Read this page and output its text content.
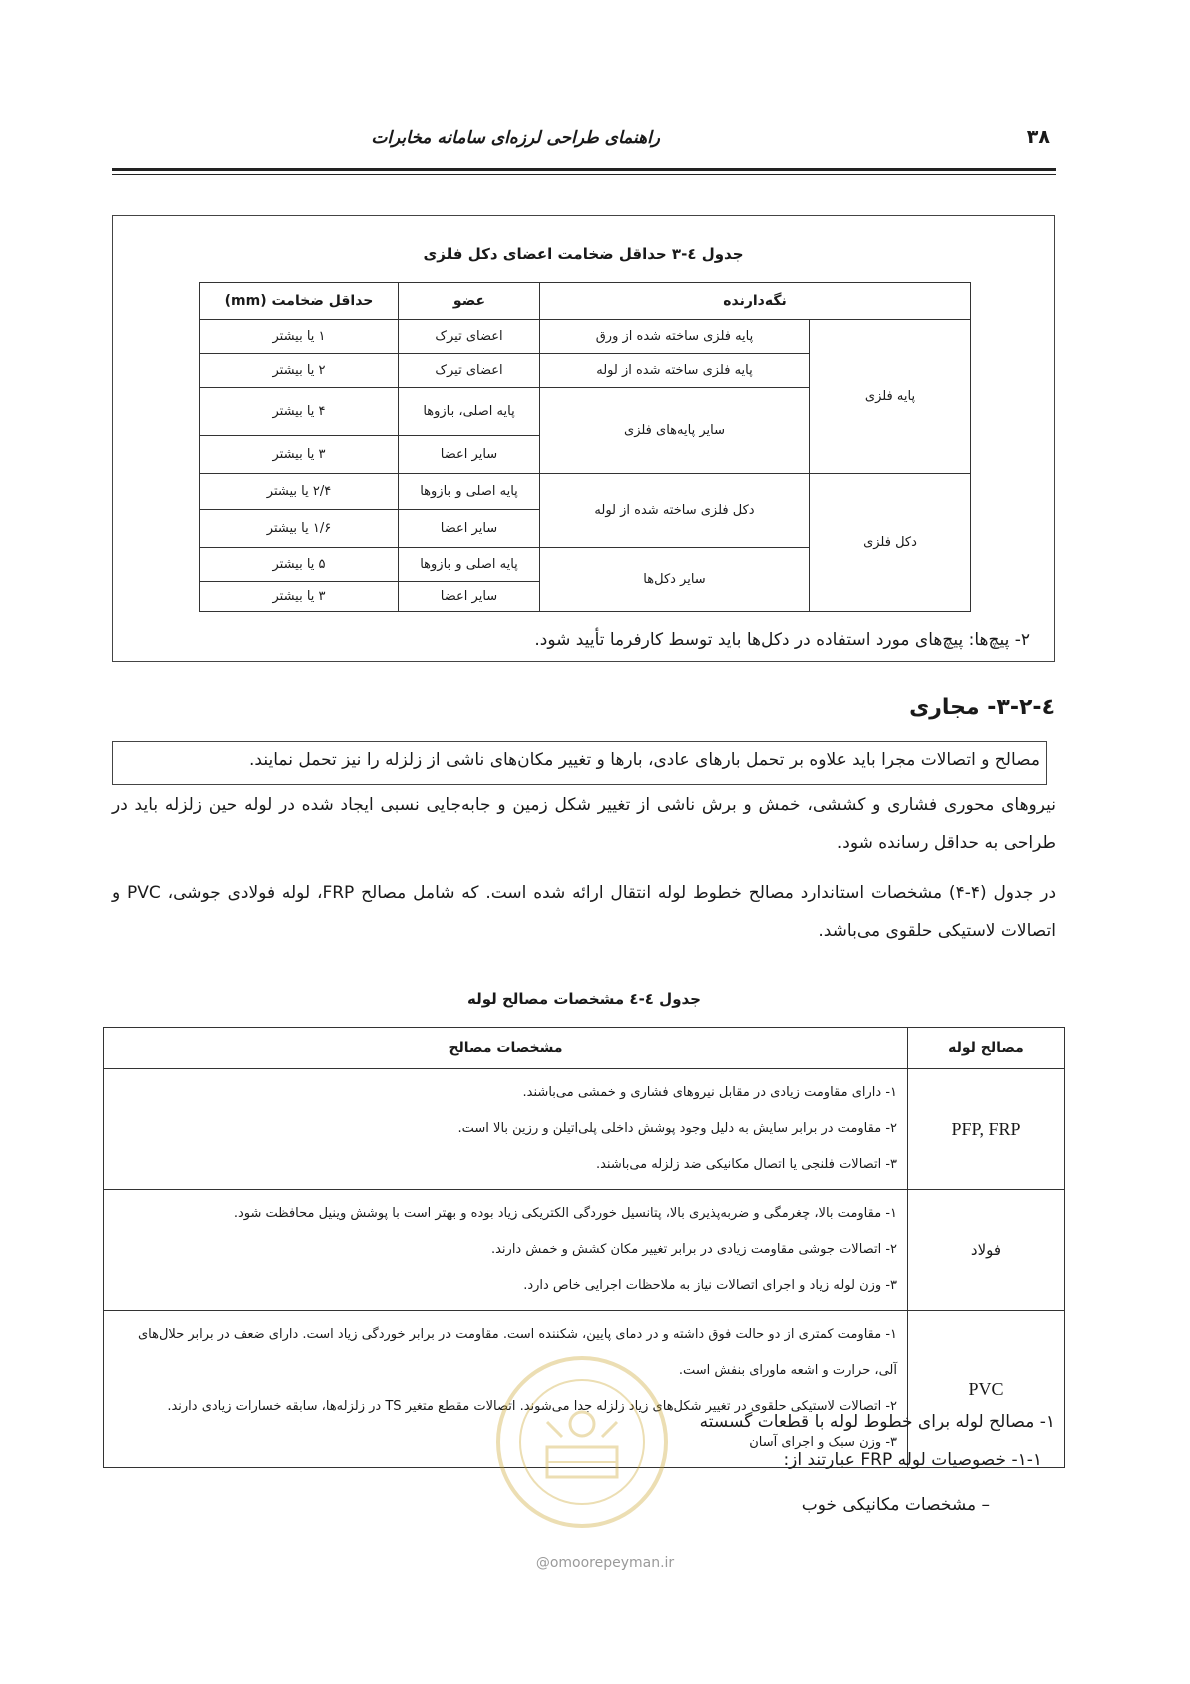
۳۸
راهنمای طراحی لرزه‌ای سامانه مخابرات
جدول ٤-٣ حداقل ضخامت اعضای دکل فلزی
نگه‌دارنده		عضو	حداقل ضخامت (mm)
پایه فلزی	پایه فلزی ساخته شده از ورق	اعضای تیرک	۱ یا بیشتر
	پایه فلزی ساخته شده از لوله	اعضای تیرک	۲ یا بیشتر
	سایر پایه‌های فلزی	پایه اصلی، بازوها	۴ یا بیشتر
		سایر اعضا	۳ یا بیشتر
دکل فلزی	دکل فلزی ساخته شده از لوله	پایه اصلی و بازوها	۲/۴ یا بیشتر
		سایر اعضا	۱/۶ یا بیشتر
	سایر دکل‌ها	پایه اصلی و بازوها	۵ یا بیشتر
		سایر اعضا	۳ یا بیشتر
۲- پیچ‌ها: پیچ‌های مورد استفاده در دکل‌ها باید توسط کارفرما تأیید شود.
٤-۳-۲- مجاری
مصالح و اتصالات مجرا باید علاوه بر تحمل بارهای عادی، بارها و تغییر مکان‌های ناشی از زلزله را نیز تحمل نمایند.
نیروهای محوری فشاری و کششی، خمش و برش ناشی از تغییر شکل زمین و جابه‌جایی نسبی ایجاد شده در لوله حین زلزله باید در طراحی به حداقل رسانده شود.
در جدول (۴-۴) مشخصات استاندارد مصالح خطوط لوله انتقال ارائه شده است. که شامل مصالح FRP، لوله فولادی جوشی، PVC و اتصالات لاستیکی حلقوی می‌باشد.
جدول ٤-٤ مشخصات مصالح لوله
مصالح لوله	مشخصات مصالح
PFP, FRP	۱- دارای مقاومت زیادی در مقابل نیروهای فشاری و خمشی می‌باشند.
۲- مقاومت در برابر سایش به دلیل وجود پوشش داخلی پلی‌اتیلن و رزین بالا است.
۳- اتصالات فلنجی یا اتصال مکانیکی ضد زلزله می‌باشند.

فولاد	۱- مقاومت بالا، چغرمگی و ضربه‌پذیری بالا، پتانسیل خوردگی الکتریکی زیاد بوده و بهتر است با پوشش وینیل محافظت شود.
۲- اتصالات جوشی مقاومت زیادی در برابر تغییر مکان کشش و خمش دارند.
۳- وزن لوله زیاد و اجرای اتصالات نیاز به ملاحظات اجرایی خاص دارد.

PVC	۱- مقاومت کمتری از دو حالت فوق داشته و در دمای پایین، شکننده است. مقاومت در برابر خوردگی زیاد است. دارای ضعف در برابر حلال‌های آلی، حرارت و اشعه ماورای بنفش است.
۲- اتصالات لاستیکی حلقوی در تغییر شکل‌های زیاد زلزله جدا می‌شوند. اتصالات مقطع متغیر TS در زلزله‌ها، سابقه خسارات زیادی دارند.
۳- وزن سبک و اجرای آسان
۱- مصالح لوله برای خطوط لوله با قطعات گسسته
۱-۱- خصوصیات لوله FRP عبارتند از:
– مشخصات مکانیکی خوب
@omoorepeyman.ir
